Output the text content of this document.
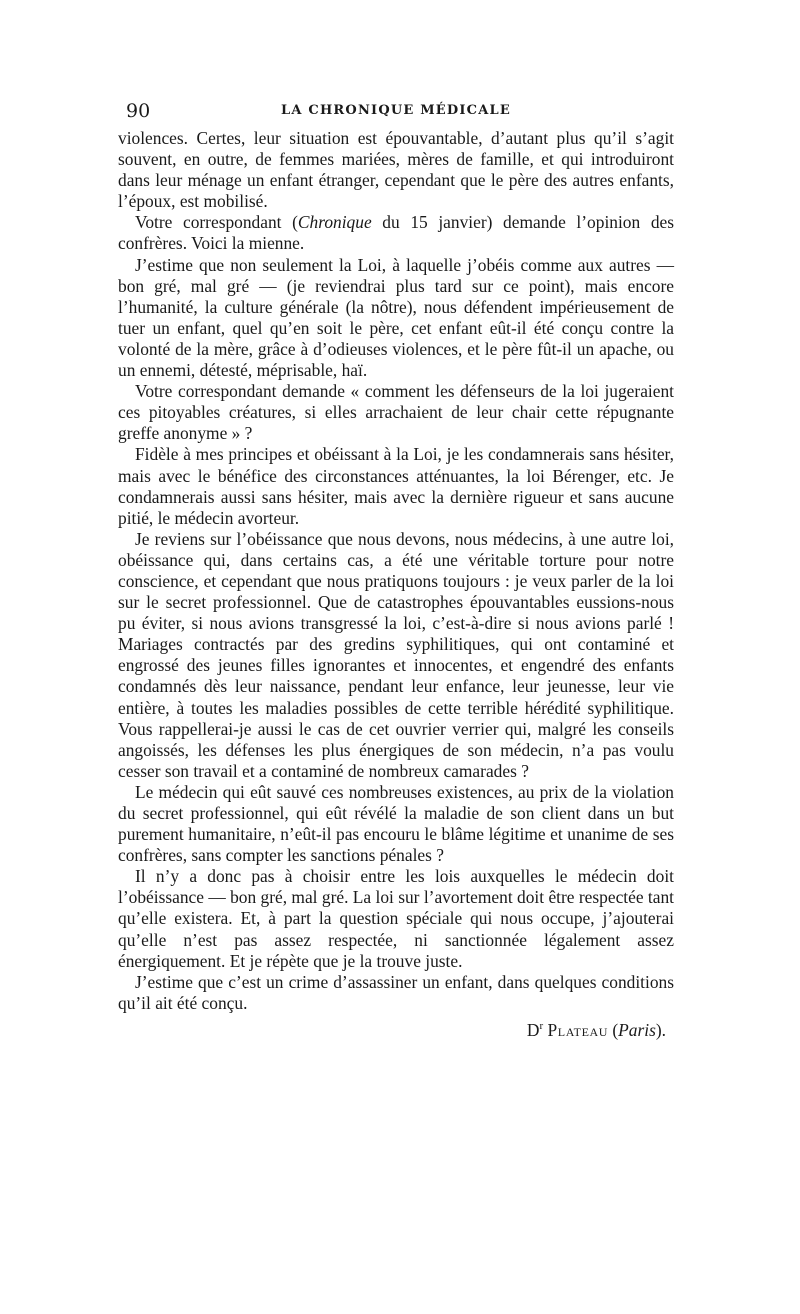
90	LA CHRONIQUE MÉDICALE

violences. Certes, leur situation est épouvantable, d’autant plus qu’il s’agit souvent, en outre, de femmes mariées, mères de famille, et qui introduiront dans leur ménage un enfant étranger, cependant que le père des autres enfants, l’époux, est mobilisé.

Votre correspondant (Chronique du 15 janvier) demande l’opinion des confrères. Voici la mienne.

J’estime que non seulement la Loi, à laquelle j’obéis comme aux autres — bon gré, mal gré — (je reviendrai plus tard sur ce point), mais encore l’humanité, la culture générale (la nôtre), nous défendent impérieusement de tuer un enfant, quel qu’en soit le père, cet enfant eût-il été conçu contre la volonté de la mère, grâce à d’odieuses violences, et le père fût-il un apache, ou un ennemi, détesté, méprisable, haï.

Votre correspondant demande « comment les défenseurs de la loi jugeraient ces pitoyables créatures, si elles arrachaient de leur chair cette répugnante greffe anonyme » ?

Fidèle à mes principes et obéissant à la Loi, je les condamnerais sans hésiter, mais avec le bénéfice des circonstances atténuantes, la loi Bérenger, etc. Je condamnerais aussi sans hésiter, mais avec la dernière rigueur et sans aucune pitié, le médecin avorteur.

Je reviens sur l’obéissance que nous devons, nous médecins, à une autre loi, obéissance qui, dans certains cas, a été une véritable torture pour notre conscience, et cependant que nous pratiquons toujours : je veux parler de la loi sur le secret professionnel. Que de catastrophes épouvantables eussions-nous pu éviter, si nous avions transgressé la loi, c’est-à-dire si nous avions parlé ! Mariages contractés par des gredins syphilitiques, qui ont contaminé et engrossé des jeunes filles ignorantes et innocentes, et engendré des enfants condamnés dès leur naissance, pendant leur enfance, leur jeunesse, leur vie entière, à toutes les maladies possibles de cette terrible hérédité syphilitique. Vous rappellerai-je aussi le cas de cet ouvrier verrier qui, malgré les conseils angoissés, les défenses les plus énergiques de son médecin, n’a pas voulu cesser son travail et a contaminé de nombreux camarades ?

Le médecin qui eût sauvé ces nombreuses existences, au prix de la violation du secret professionnel, qui eût révélé la maladie de son client dans un but purement humanitaire, n’eût-il pas encouru le blâme légitime et unanime de ses confrères, sans compter les sanctions pénales ?

Il n’y a donc pas à choisir entre les lois auxquelles le médecin doit l’obéissance — bon gré, mal gré. La loi sur l’avortement doit être respectée tant qu’elle existera. Et, à part la question spéciale qui nous occupe, j’ajouterai qu’elle n’est pas assez respectée, ni sanctionnée légalement assez énergiquement. Et je répète que je la trouve juste.

J’estime que c’est un crime d’assassiner un enfant, dans quelques conditions qu’il ait été conçu.

$D^r$ Plateau (Paris).
